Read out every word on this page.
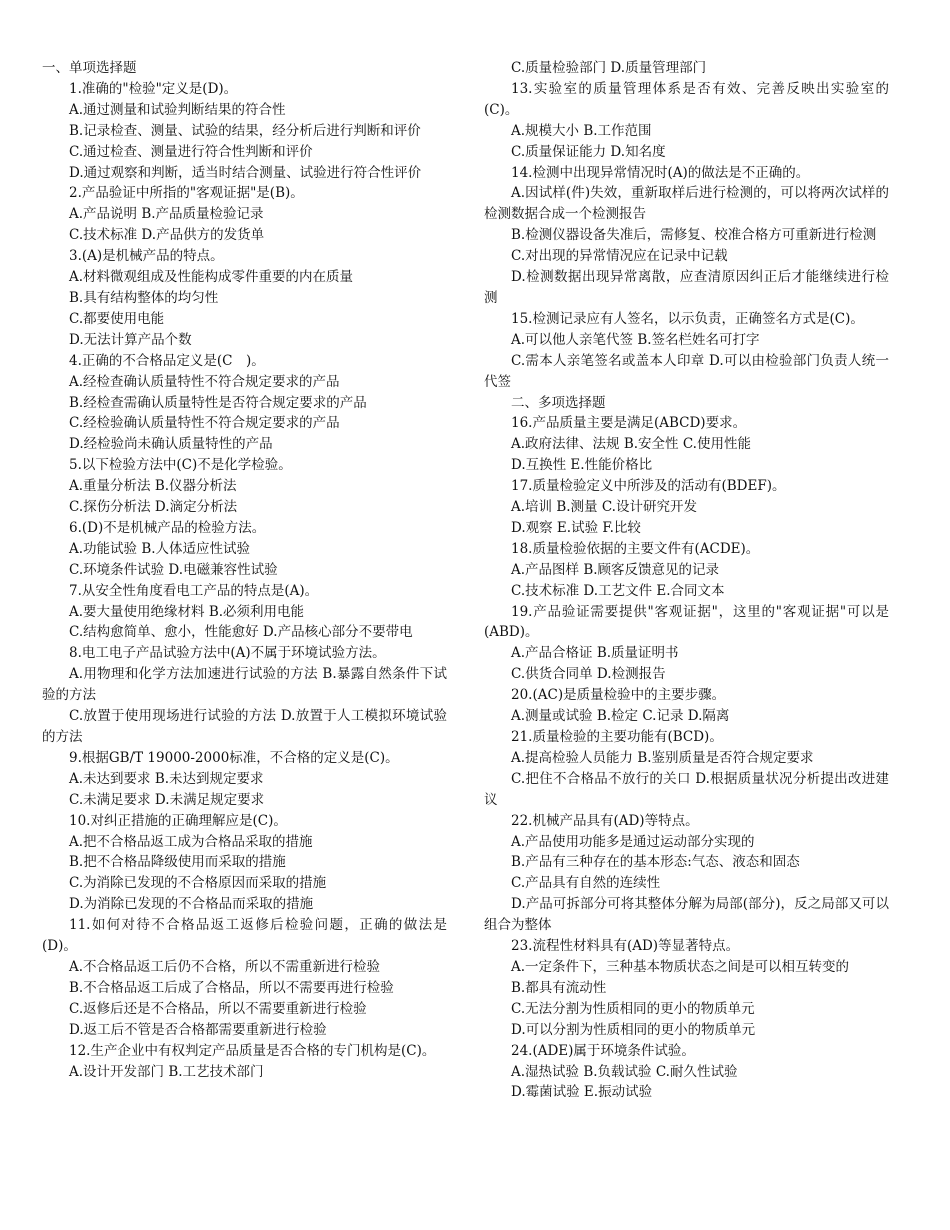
一、单项选择题

1.准确的"检验"定义是(D)。

A.通过测量和试验判断结果的符合性

B.记录检查、测量、试验的结果，经分析后进行判断和评价

C.通过检查、测量进行符合性判断和评价

D.通过观察和判断，适当时结合测量、试验进行符合性评价

2.产品验证中所指的"客观证据"是(B)。

A.产品说明 B.产品质量检验记录

C.技术标准 D.产品供方的发货单

3.(A)是机械产品的特点。

A.材料微观组成及性能构成零件重要的内在质量

B.具有结构整体的均匀性

C.都要使用电能

D.无法计算产品个数

4.正确的不合格品定义是(C　)。

A.经检查确认质量特性不符合规定要求的产品

B.经检查需确认质量特性是否符合规定要求的产品

C.经检验确认质量特性不符合规定要求的产品

D.经检验尚未确认质量特性的产品

5.以下检验方法中(C)不是化学检验。

A.重量分析法 B.仪器分析法

C.探伤分析法 D.滴定分析法

6.(D)不是机械产品的检验方法。

A.功能试验 B.人体适应性试验

C.环境条件试验 D.电磁兼容性试验

7.从安全性角度看电工产品的特点是(A)。

A.要大量使用绝缘材料 B.必须利用电能

C.结构愈简单、愈小，性能愈好 D.产品核心部分不要带电

8.电工电子产品试验方法中(A)不属于环境试验方法。

A.用物理和化学方法加速进行试验的方法 B.暴露自然条件下试验的方法

C.放置于使用现场进行试验的方法 D.放置于人工模拟环境试验的方法

9.根据GB/T 19000-2000标准，不合格的定义是(C)。

A.未达到要求 B.未达到规定要求

C.未满足要求 D.未满足规定要求

10.对纠正措施的正确理解应是(C)。

A.把不合格品返工成为合格品采取的措施

B.把不合格品降级使用而采取的措施

C.为消除已发现的不合格原因而采取的措施

D.为消除已发现的不合格品而采取的措施

11.如何对待不合格品返工返修后检验问题，正确的做法是(D)。

A.不合格品返工后仍不合格，所以不需重新进行检验

B.不合格品返工后成了合格品，所以不需要再进行检验

C.返修后还是不合格品，所以不需要重新进行检验

D.返工后不管是否合格都需要重新进行检验

12.生产企业中有权判定产品质量是否合格的专门机构是(C)。

A.设计开发部门 B.工艺技术部门

C.质量检验部门 D.质量管理部门

13.实验室的质量管理体系是否有效、完善反映出实验室的(C)。

A.规模大小 B.工作范围

C.质量保证能力 D.知名度

14.检测中出现异常情况时(A)的做法是不正确的。

A.因试样(件)失效，重新取样后进行检测的，可以将两次试样的检测数据合成一个检测报告

B.检测仪器设备失准后，需修复、校准合格方可重新进行检测

C.对出现的异常情况应在记录中记载

D.检测数据出现异常离散，应查清原因纠正后才能继续进行检测

15.检测记录应有人签名，以示负责，正确签名方式是(C)。

A.可以他人亲笔代签 B.签名栏姓名可打字

C.需本人亲笔签名或盖本人印章 D.可以由检验部门负责人统一代签

二、多项选择题

16.产品质量主要是满足(ABCD)要求。

A.政府法律、法规 B.安全性 C.使用性能

D.互换性 E.性能价格比

17.质量检验定义中所涉及的活动有(BDEF)。

A.培训 B.测量 C.设计研究开发

D.观察 E.试验 F.比较

18.质量检验依据的主要文件有(ACDE)。

A.产品图样 B.顾客反馈意见的记录

C.技术标准 D.工艺文件 E.合同文本

19.产品验证需要提供"客观证据"，这里的"客观证据"可以是(ABD)。

A.产品合格证 B.质量证明书

C.供货合同单 D.检测报告

20.(AC)是质量检验中的主要步骤。

A.测量或试验 B.检定 C.记录 D.隔离

21.质量检验的主要功能有(BCD)。

A.提高检验人员能力 B.鉴别质量是否符合规定要求

C.把住不合格品不放行的关口 D.根据质量状况分析提出改进建议

22.机械产品具有(AD)等特点。

A.产品使用功能多是通过运动部分实现的

B.产品有三种存在的基本形态:气态、液态和固态

C.产品具有自然的连续性

D.产品可拆部分可将其整体分解为局部(部分)，反之局部又可以组合为整体

23.流程性材料具有(AD)等显著特点。

A.一定条件下，三种基本物质状态之间是可以相互转变的

B.都具有流动性

C.无法分割为性质相同的更小的物质单元

D.可以分割为性质相同的更小的物质单元

24.(ADE)属于环境条件试验。

A.湿热试验 B.负载试验 C.耐久性试验

D.霉菌试验 E.振动试验
